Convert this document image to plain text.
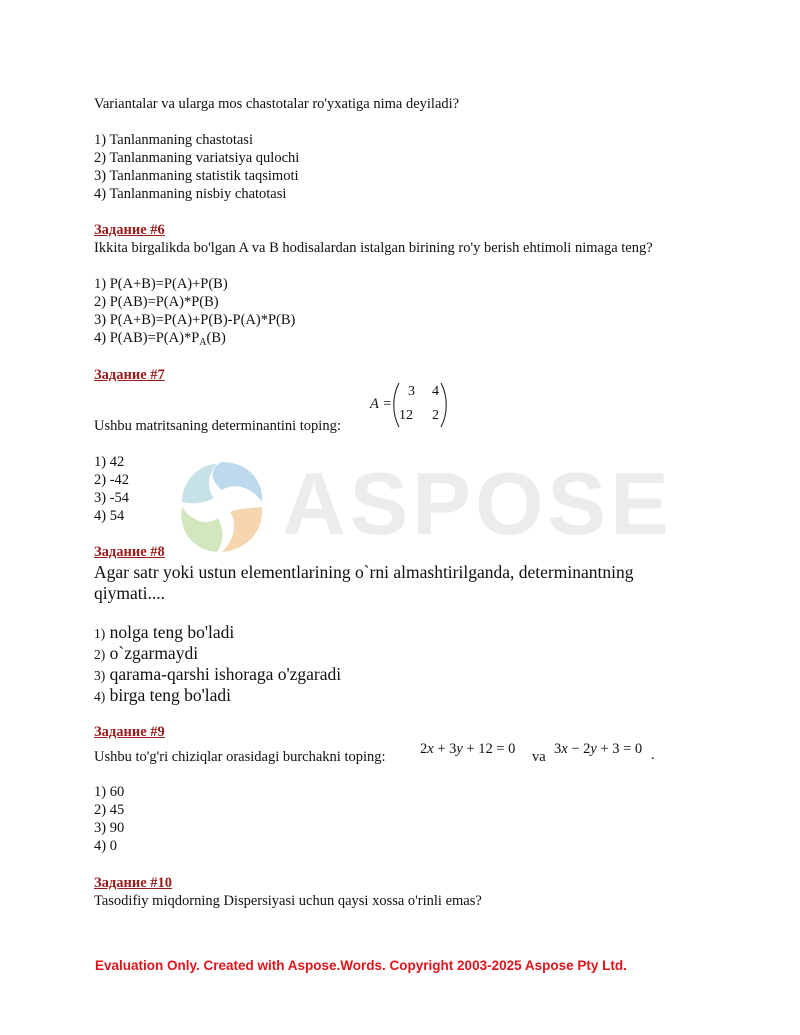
ASPOSE
Variantalar va ularga mos chastotalar ro'yxatiga nima deyiladi?
1) Tanlanmaning chastotasi
2) Tanlanmaning variatsiya qulochi
3) Tanlanmaning statistik taqsimoti
4) Tanlanmaning nisbiy chatotasi
Задание #6
Ikkita birgalikda bo'lgan A va B hodisalardan istalgan birining ro'y berish ehtimoli nimaga teng?
1) P(A+B)=P(A)+P(B)
2) P(AB)=P(A)*P(B)
3) P(A+B)=P(A)+P(B)-P(A)*P(B)
4) $P(AB)=P(A)*P_A(B)$
Задание #7
Ushbu matritsaning determinantini toping:
A =
3 4
12 2
1) 42
2) -42
3) -54
4) 54
Задание #8
Agar satr yoki ustun elementlarining o`rni almashtirilganda, determinantning
qiymati....
1) nolga teng bo'ladi
2) o`zgarmaydi
3) qarama-qarshi ishoraga o'zgaradi
4) birga teng bo'ladi
Задание #9
Ushbu to'g'ri chiziqlar orasidagi burchakni toping: 2x + 3y + 12 = 0 va 3x − 2y + 3 = 0 .
1) 60
2) 45
3) 90
4) 0
Задание #10
Tasodifiy miqdorning Dispersiyasi uchun qaysi xossa o'rinli emas?
Evaluation Only. Created with Aspose.Words. Copyright 2003-2025 Aspose Pty Ltd.
